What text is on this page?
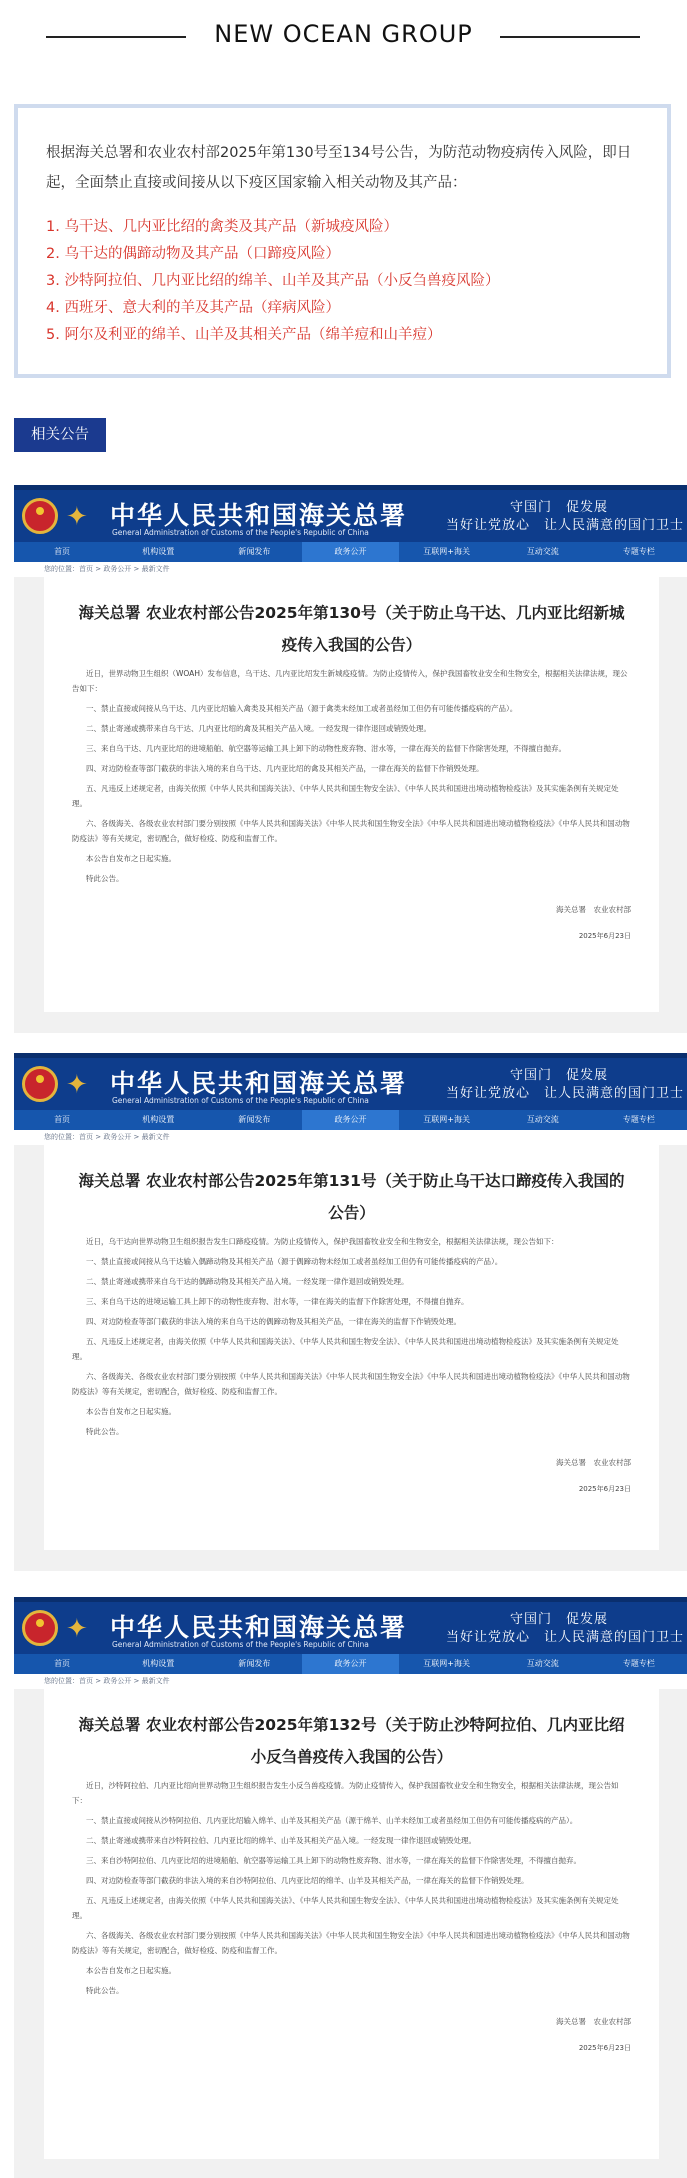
NEW OCEAN GROUP

根据海关总署和农业农村部2025年第130号至134号公告，为防范动物疫病传入风险，即日起，全面禁止直接或间接从以下疫区国家输入相关动物及其产品：

1. 乌干达、几内亚比绍的禽类及其产品（新城疫风险）
2. 乌干达的偶蹄动物及其产品（口蹄疫风险）
3. 沙特阿拉伯、几内亚比绍的绵羊、山羊及其产品（小反刍兽疫风险）
4. 西班牙、意大利的羊及其产品（痒病风险）
5. 阿尔及利亚的绵羊、山羊及其相关产品（绵羊痘和山羊痘）
相关公告
✦ 中华人民共和国海关总署
General Administration of Customs of the People's Republic of China
守国门　促发展
当好让党放心　让人民满意的国门卫士
首页	机构设置	新闻发布	政务公开	互联网+海关	互动交流	专题专栏
您的位置：首页 > 政务公开 > 最新文件
海关总署 农业农村部公告2025年第130号（关于防止乌干达、几内亚比绍新城疫传入我国的公告）

近日，世界动物卫生组织（WOAH）发布信息，乌干达、几内亚比绍发生新城疫疫情。为防止疫情传入，保护我国畜牧业安全和生物安全，根据相关法律法规，现公告如下：

一、禁止直接或间接从乌干达、几内亚比绍输入禽类及其相关产品（源于禽类未经加工或者虽经加工但仍有可能传播疫病的产品）。

二、禁止寄递或携带来自乌干达、几内亚比绍的禽及其相关产品入境。一经发现一律作退回或销毁处理。

三、来自乌干达、几内亚比绍的进境船舶、航空器等运输工具上卸下的动物性废弃物、泔水等，一律在海关的监督下作除害处理，不得擅自抛弃。

四、对边防检查等部门截获的非法入境的来自乌干达、几内亚比绍的禽及其相关产品，一律在海关的监督下作销毁处理。

五、凡违反上述规定者，由海关依照《中华人民共和国海关法》、《中华人民共和国生物安全法》、《中华人民共和国进出境动植物检疫法》及其实施条例有关规定处理。

六、各级海关、各级农业农村部门要分别按照《中华人民共和国海关法》《中华人民共和国生物安全法》《中华人民共和国进出境动植物检疫法》《中华人民共和国动物防疫法》等有关规定，密切配合，做好检疫、防疫和监督工作。

本公告自发布之日起实施。

特此公告。

海关总署　农业农村部
2025年6月23日
✦ 中华人民共和国海关总署
General Administration of Customs of the People's Republic of China
守国门　促发展
当好让党放心　让人民满意的国门卫士
首页	机构设置	新闻发布	政务公开	互联网+海关	互动交流	专题专栏
您的位置：首页 > 政务公开 > 最新文件
海关总署 农业农村部公告2025年第131号（关于防止乌干达口蹄疫传入我国的公告）

近日，乌干达向世界动物卫生组织报告发生口蹄疫疫情。为防止疫情传入，保护我国畜牧业安全和生物安全，根据相关法律法规，现公告如下：

一、禁止直接或间接从乌干达输入偶蹄动物及其相关产品（源于偶蹄动物未经加工或者虽经加工但仍有可能传播疫病的产品）。

二、禁止寄递或携带来自乌干达的偶蹄动物及其相关产品入境。一经发现一律作退回或销毁处理。

三、来自乌干达的进境运输工具上卸下的动物性废弃物、泔水等，一律在海关的监督下作除害处理，不得擅自抛弃。

四、对边防检查等部门截获的非法入境的来自乌干达的偶蹄动物及其相关产品，一律在海关的监督下作销毁处理。

五、凡违反上述规定者，由海关依照《中华人民共和国海关法》、《中华人民共和国生物安全法》、《中华人民共和国进出境动植物检疫法》及其实施条例有关规定处理。

六、各级海关、各级农业农村部门要分别按照《中华人民共和国海关法》《中华人民共和国生物安全法》《中华人民共和国进出境动植物检疫法》《中华人民共和国动物防疫法》等有关规定，密切配合，做好检疫、防疫和监督工作。

本公告自发布之日起实施。

特此公告。

海关总署　农业农村部
2025年6月23日
✦ 中华人民共和国海关总署
General Administration of Customs of the People's Republic of China
守国门　促发展
当好让党放心　让人民满意的国门卫士
首页	机构设置	新闻发布	政务公开	互联网+海关	互动交流	专题专栏
您的位置：首页 > 政务公开 > 最新文件
海关总署 农业农村部公告2025年第132号（关于防止沙特阿拉伯、几内亚比绍小反刍兽疫传入我国的公告）

近日，沙特阿拉伯、几内亚比绍向世界动物卫生组织报告发生小反刍兽疫疫情。为防止疫情传入，保护我国畜牧业安全和生物安全，根据相关法律法规，现公告如下：

一、禁止直接或间接从沙特阿拉伯、几内亚比绍输入绵羊、山羊及其相关产品（源于绵羊、山羊未经加工或者虽经加工但仍有可能传播疫病的产品）。

二、禁止寄递或携带来自沙特阿拉伯、几内亚比绍的绵羊、山羊及其相关产品入境。一经发现一律作退回或销毁处理。

三、来自沙特阿拉伯、几内亚比绍的进境船舶、航空器等运输工具上卸下的动物性废弃物、泔水等，一律在海关的监督下作除害处理，不得擅自抛弃。

四、对边防检查等部门截获的非法入境的来自沙特阿拉伯、几内亚比绍的绵羊、山羊及其相关产品，一律在海关的监督下作销毁处理。

五、凡违反上述规定者，由海关依照《中华人民共和国海关法》、《中华人民共和国生物安全法》、《中华人民共和国进出境动植物检疫法》及其实施条例有关规定处理。

六、各级海关、各级农业农村部门要分别按照《中华人民共和国海关法》《中华人民共和国生物安全法》《中华人民共和国进出境动植物检疫法》《中华人民共和国动物防疫法》等有关规定，密切配合，做好检疫、防疫和监督工作。

本公告自发布之日起实施。

特此公告。

海关总署　农业农村部
2025年6月23日
